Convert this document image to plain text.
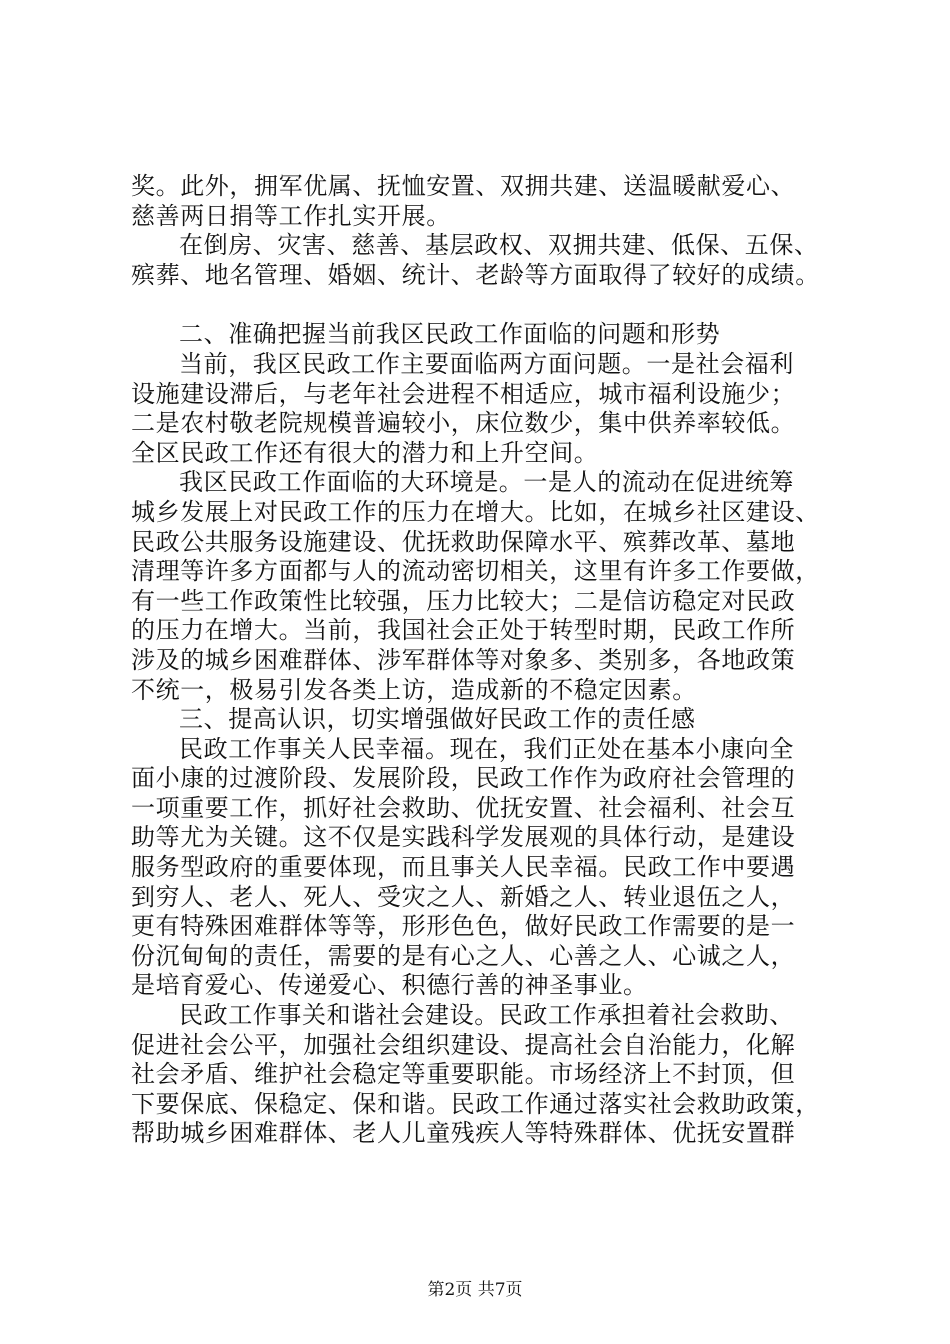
奖。此外，拥军优属、抚恤安置、双拥共建、送温暖献爱心、
慈善两日捐等工作扎实开展。
在倒房、灾害、慈善、基层政权、双拥共建、低保、五保、
殡葬、地名管理、婚姻、统计、老龄等方面取得了较好的成绩。
二、准确把握当前我区民政工作面临的问题和形势
当前，我区民政工作主要面临两方面问题。一是社会福利
设施建设滞后，与老年社会进程不相适应，城市福利设施少；
二是农村敬老院规模普遍较小，床位数少，集中供养率较低。
全区民政工作还有很大的潜力和上升空间。
我区民政工作面临的大环境是。一是人的流动在促进统筹
城乡发展上对民政工作的压力在增大。比如，在城乡社区建设、
民政公共服务设施建设、优抚救助保障水平、殡葬改革、墓地
清理等许多方面都与人的流动密切相关，这里有许多工作要做，
有一些工作政策性比较强，压力比较大；二是信访稳定对民政
的压力在增大。当前，我国社会正处于转型时期，民政工作所
涉及的城乡困难群体、涉军群体等对象多、类别多，各地政策
不统一，极易引发各类上访，造成新的不稳定因素。
三、提高认识，切实增强做好民政工作的责任感
民政工作事关人民幸福。现在，我们正处在基本小康向全
面小康的过渡阶段、发展阶段，民政工作作为政府社会管理的
一项重要工作，抓好社会救助、优抚安置、社会福利、社会互
助等尤为关键。这不仅是实践科学发展观的具体行动，是建设
服务型政府的重要体现，而且事关人民幸福。民政工作中要遇
到穷人、老人、死人、受灾之人、新婚之人、转业退伍之人，
更有特殊困难群体等等，形形色色，做好民政工作需要的是一
份沉甸甸的责任，需要的是有心之人、心善之人、心诚之人，
是培育爱心、传递爱心、积德行善的神圣事业。
民政工作事关和谐社会建设。民政工作承担着社会救助、
促进社会公平，加强社会组织建设、提高社会自治能力，化解
社会矛盾、维护社会稳定等重要职能。市场经济上不封顶，但
下要保底、保稳定、保和谐。民政工作通过落实社会救助政策，
帮助城乡困难群体、老人儿童残疾人等特殊群体、优抚安置群
第2页 共7页
